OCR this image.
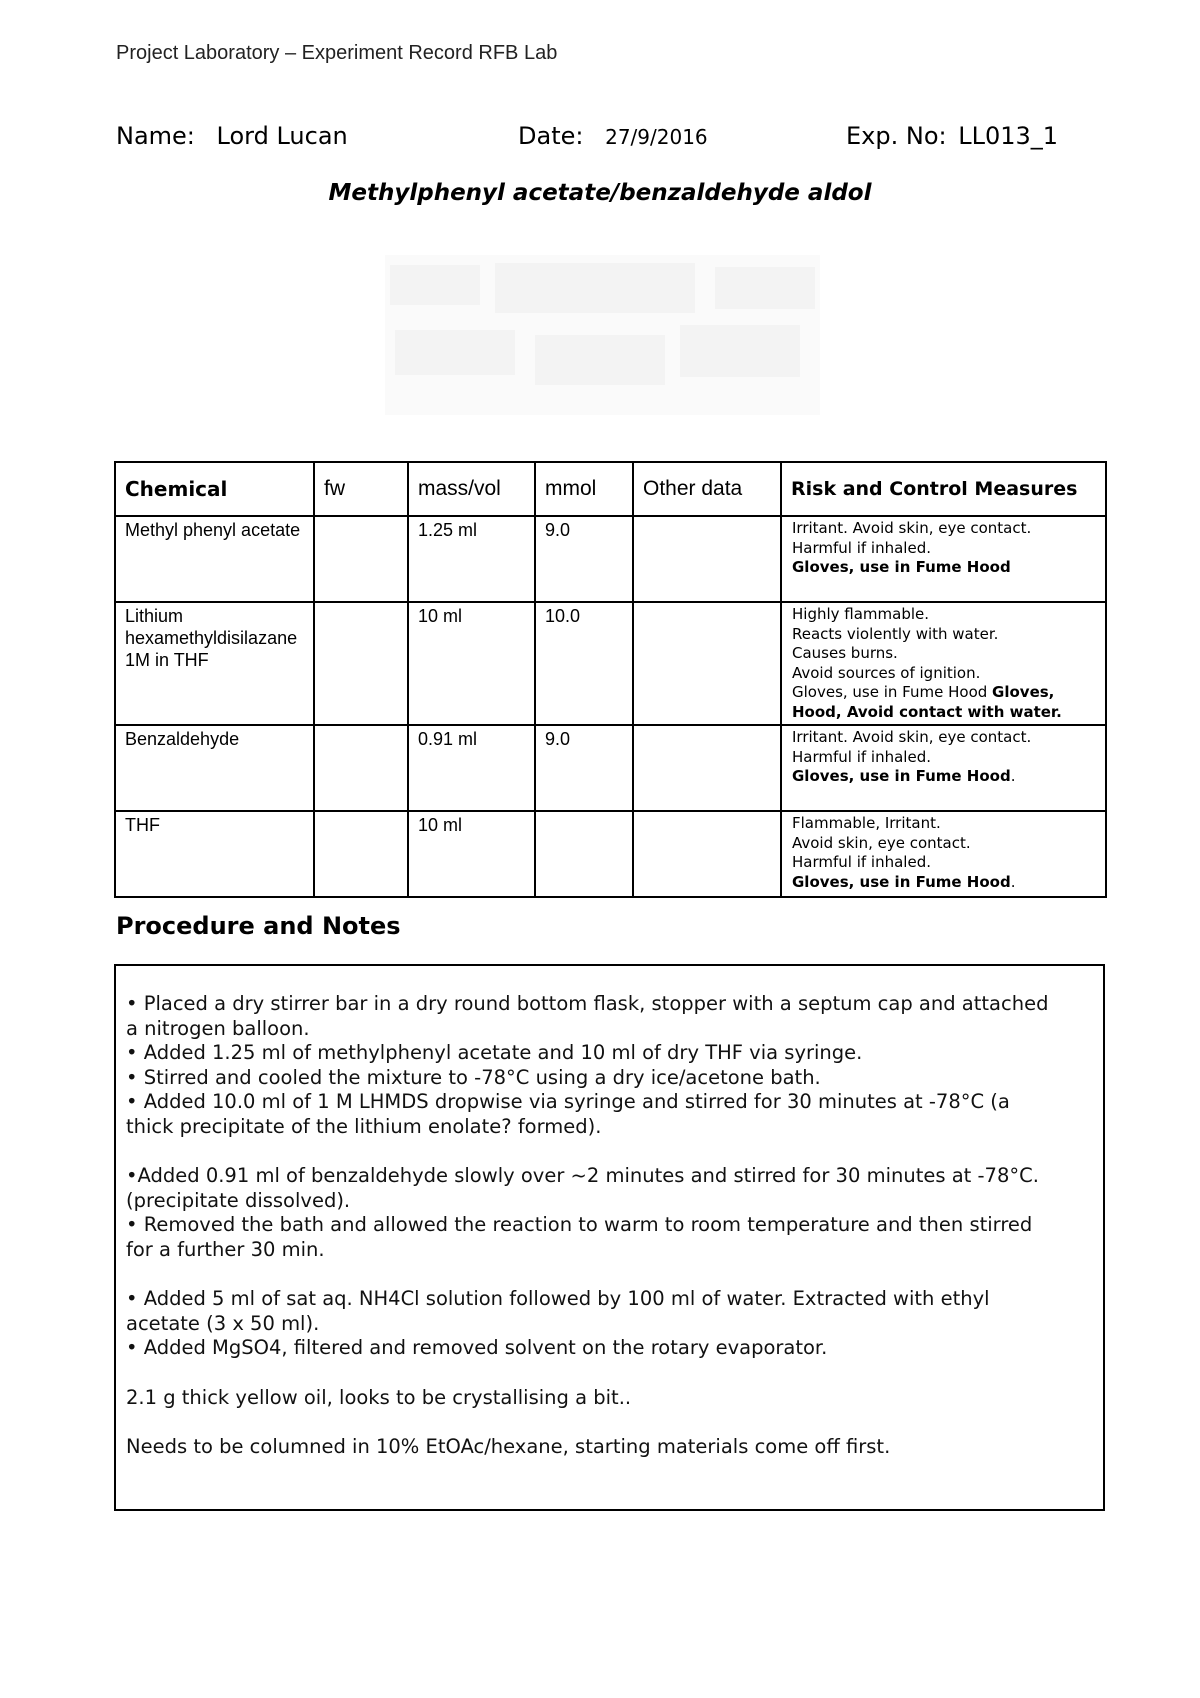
Project Laboratory – Experiment Record RFB Lab
Name: Lord Lucan	Date: 27/9/2016	Exp. No: LL013_1
Methylphenyl acetate/benzaldehyde aldol
Chemical	fw	mass/vol	mmol	Other data	Risk and Control Measures
Methyl phenyl acetate		1.25 ml	9.0		Irritant. Avoid skin, eye contact.
Harmful if inhaled.
Gloves, use in Fume Hood

Lithium hexamethyldisilazane 1M in THF		10 ml	10.0		Highly flammable.
Reacts violently with water.
Causes burns.
Avoid sources of ignition.
Gloves, use in Fume Hood Gloves, Hood, Avoid contact with water.

Benzaldehyde		0.91 ml	9.0		Irritant. Avoid skin, eye contact.
Harmful if inhaled.
Gloves, use in Fume Hood.

THF		10 ml			Flammable, Irritant.
Avoid skin, eye contact.
Harmful if inhaled.
Gloves, use in Fume Hood.
Procedure and Notes

• Placed a dry stirrer bar in a dry round bottom flask, stopper with a septum cap and attached

a nitrogen balloon.

• Added 1.25 ml of methylphenyl acetate and 10 ml of dry THF via syringe.

• Stirred and cooled the mixture to -78°C using a dry ice/acetone bath.

• Added 10.0 ml of 1 M LHMDS dropwise via syringe and stirred for 30 minutes at -78°C (a

thick precipitate of the lithium enolate? formed).

•Added 0.91 ml of benzaldehyde slowly over ~2 minutes and stirred for 30 minutes at -78°C.

(precipitate dissolved).

• Removed the bath and allowed the reaction to warm to room temperature and then stirred

for a further 30 min.

• Added 5 ml of sat aq. NH4Cl solution followed by 100 ml of water. Extracted with ethyl

acetate (3 x 50 ml).

• Added MgSO4, filtered and removed solvent on the rotary evaporator.

2.1 g thick yellow oil, looks to be crystallising a bit..

Needs to be columned in 10% EtOAc/hexane, starting materials come off first.
